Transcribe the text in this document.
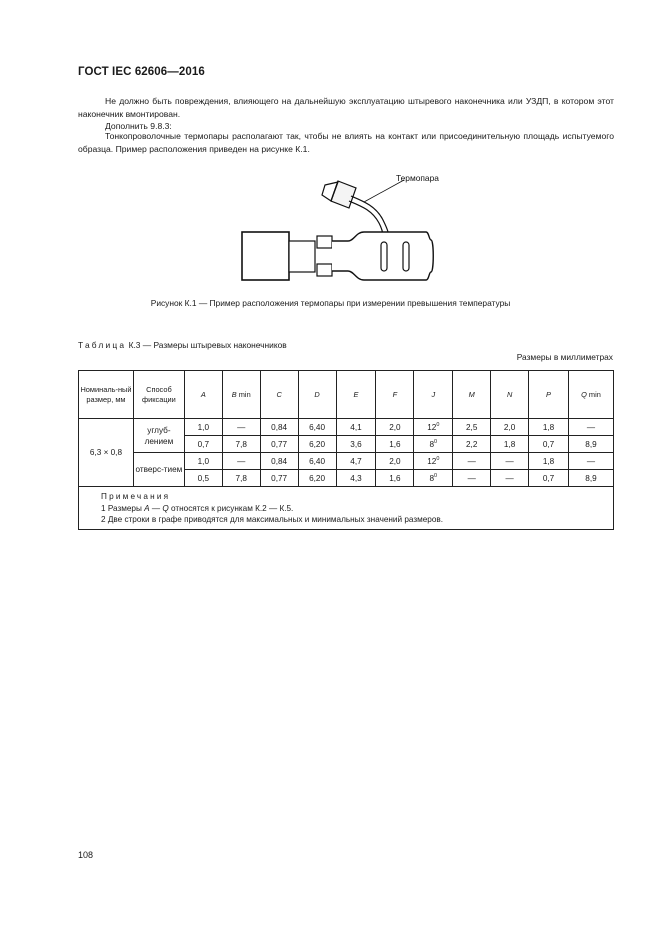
ГОСТ IEC 62606—2016
Не должно быть повреждения, влияющего на дальнейшую эксплуатацию штыревого наконечника или УЗДП, в котором этот наконечник вмонтирован.
Дополнить 9.8.3:
Тонкопроволочные термопары располагают так, чтобы не влиять на контакт или присоединительную площадь испытуемого образца. Пример расположения приведен на рисунке К.1.
Термопара
Рисунок К.1 — Пример расположения термопары при измерении превышения температуры
Таблица К.3 — Размеры штыревых наконечников
Размеры в миллиметрах
Номиналь-ный размер, мм	Способ фиксации	A	B min	C	D	E	F	J	M	N	P	Q min
6,3 × 0,8	углуб-лением	1,0	—	0,84	6,40	4,1	2,0	$12^0$	2,5	2,0	1,8	—
		0,7	7,8	0,77	6,20	3,6	1,6	$8^0$	2,2	1,8	0,7	8,9
	отверс-тием	1,0	—	0,84	6,40	4,7	2,0	$12^0$	—	—	1,8	—
		0,5	7,8	0,77	6,20	4,3	1,6	$8^0$	—	—	0,7	8,9

Примечания
1 Размеры A — Q относятся к рисункам К.2 — К.5.
2 Две строки в графе приводятся для максимальных и минимальных значений размеров.												
108
